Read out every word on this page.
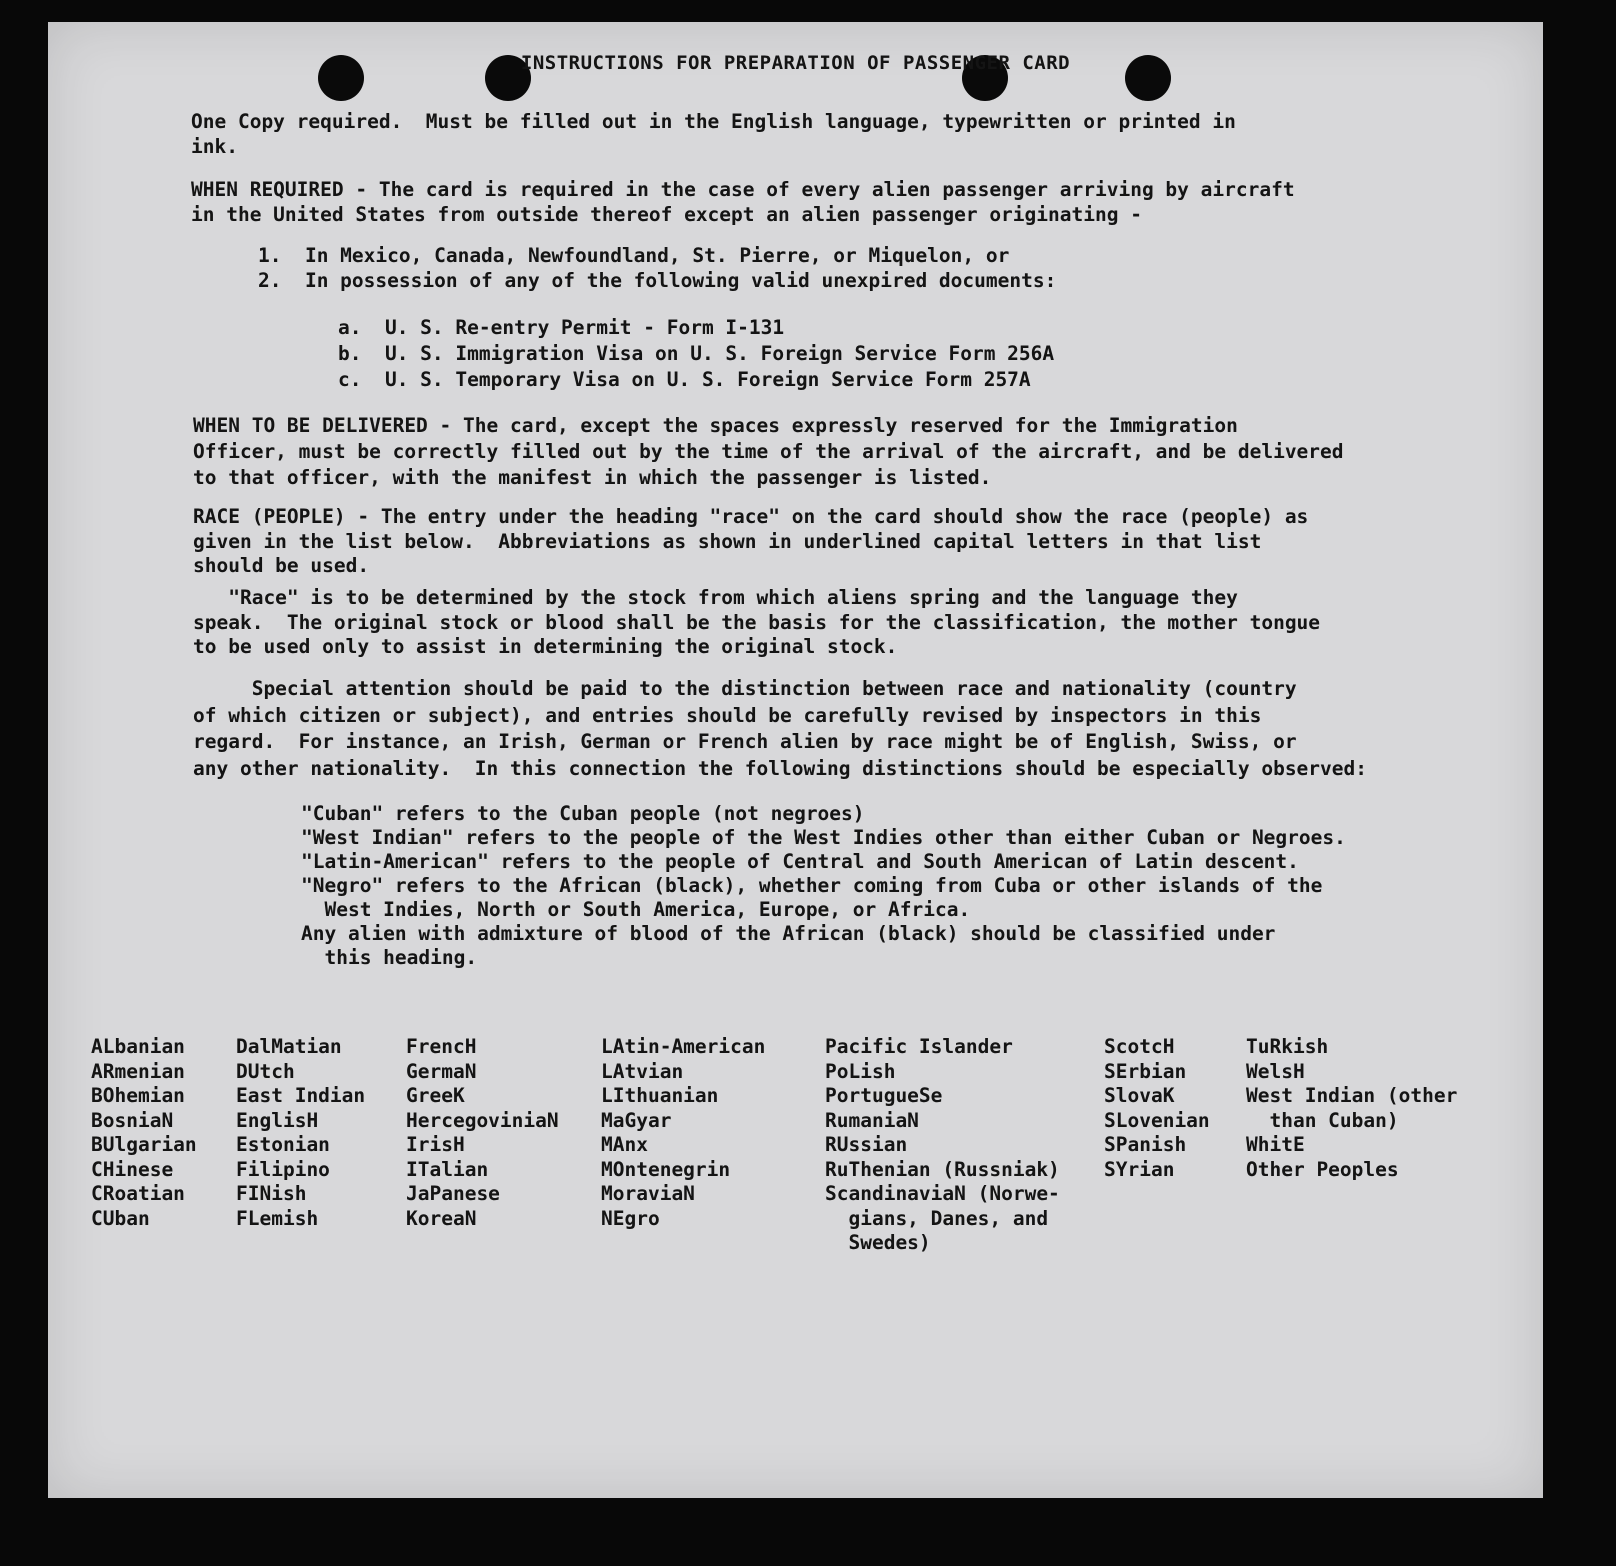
INSTRUCTIONS FOR PREPARATION OF PASSENGER CARD
One Copy required.  Must be filled out in the English language, typewritten or printed in
ink.
WHEN REQUIRED - The card is required in the case of every alien passenger arriving by aircraft
in the United States from outside thereof except an alien passenger originating -
1.  In Mexico, Canada, Newfoundland, St. Pierre, or Miquelon, or
2.  In possession of any of the following valid unexpired documents:
a.  U. S. Re-entry Permit - Form I-131
b.  U. S. Immigration Visa on U. S. Foreign Service Form 256A
c.  U. S. Temporary Visa on U. S. Foreign Service Form 257A
WHEN TO BE DELIVERED - The card, except the spaces expressly reserved for the Immigration
Officer, must be correctly filled out by the time of the arrival of the aircraft, and be delivered
to that officer, with the manifest in which the passenger is listed.
RACE (PEOPLE) - The entry under the heading "race" on the card should show the race (people) as
given in the list below.  Abbreviations as shown in underlined capital letters in that list
should be used.
"Race" is to be determined by the stock from which aliens spring and the language they
speak.  The original stock or blood shall be the basis for the classification, the mother tongue
to be used only to assist in determining the original stock.
Special attention should be paid to the distinction between race and nationality (country
of which citizen or subject), and entries should be carefully revised by inspectors in this
regard.  For instance, an Irish, German or French alien by race might be of English, Swiss, or
any other nationality.  In this connection the following distinctions should be especially observed:
"Cuban" refers to the Cuban people (not negroes)
"West Indian" refers to the people of the West Indies other than either Cuban or Negroes.
"Latin-American" refers to the people of Central and South American of Latin descent.
"Negro" refers to the African (black), whether coming from Cuba or other islands of the
West Indies, North or South America, Europe, or Africa.
Any alien with admixture of blood of the African (black) should be classified under
this heading.
ALbanian
ARmenian
BOhemian
BosniaN
BUlgarian
CHinese
CRoatian
CUban
DalMatian
DUtch
East Indian
EnglisH
Estonian
Filipino
FINish
FLemish
FrencH
GermaN
GreeK
HercegoviniaN
IrisH
ITalian
JaPanese
KoreaN
LAtin-American
LAtvian
LIthuanian
MaGyar
MAnx
MOntenegrin
MoraviaN
NEgro
Pacific Islander
PoLish
PortugueSe
RumaniaN
RUssian
RuThenian (Russniak)
ScandinaviaN (Norwe-
gians, Danes, and
Swedes)
ScotcH
SErbian
SlovaK
SLovenian
SPanish
SYrian
TuRkish
WelsH
West Indian (other
than Cuban)
WhitE
Other Peoples
